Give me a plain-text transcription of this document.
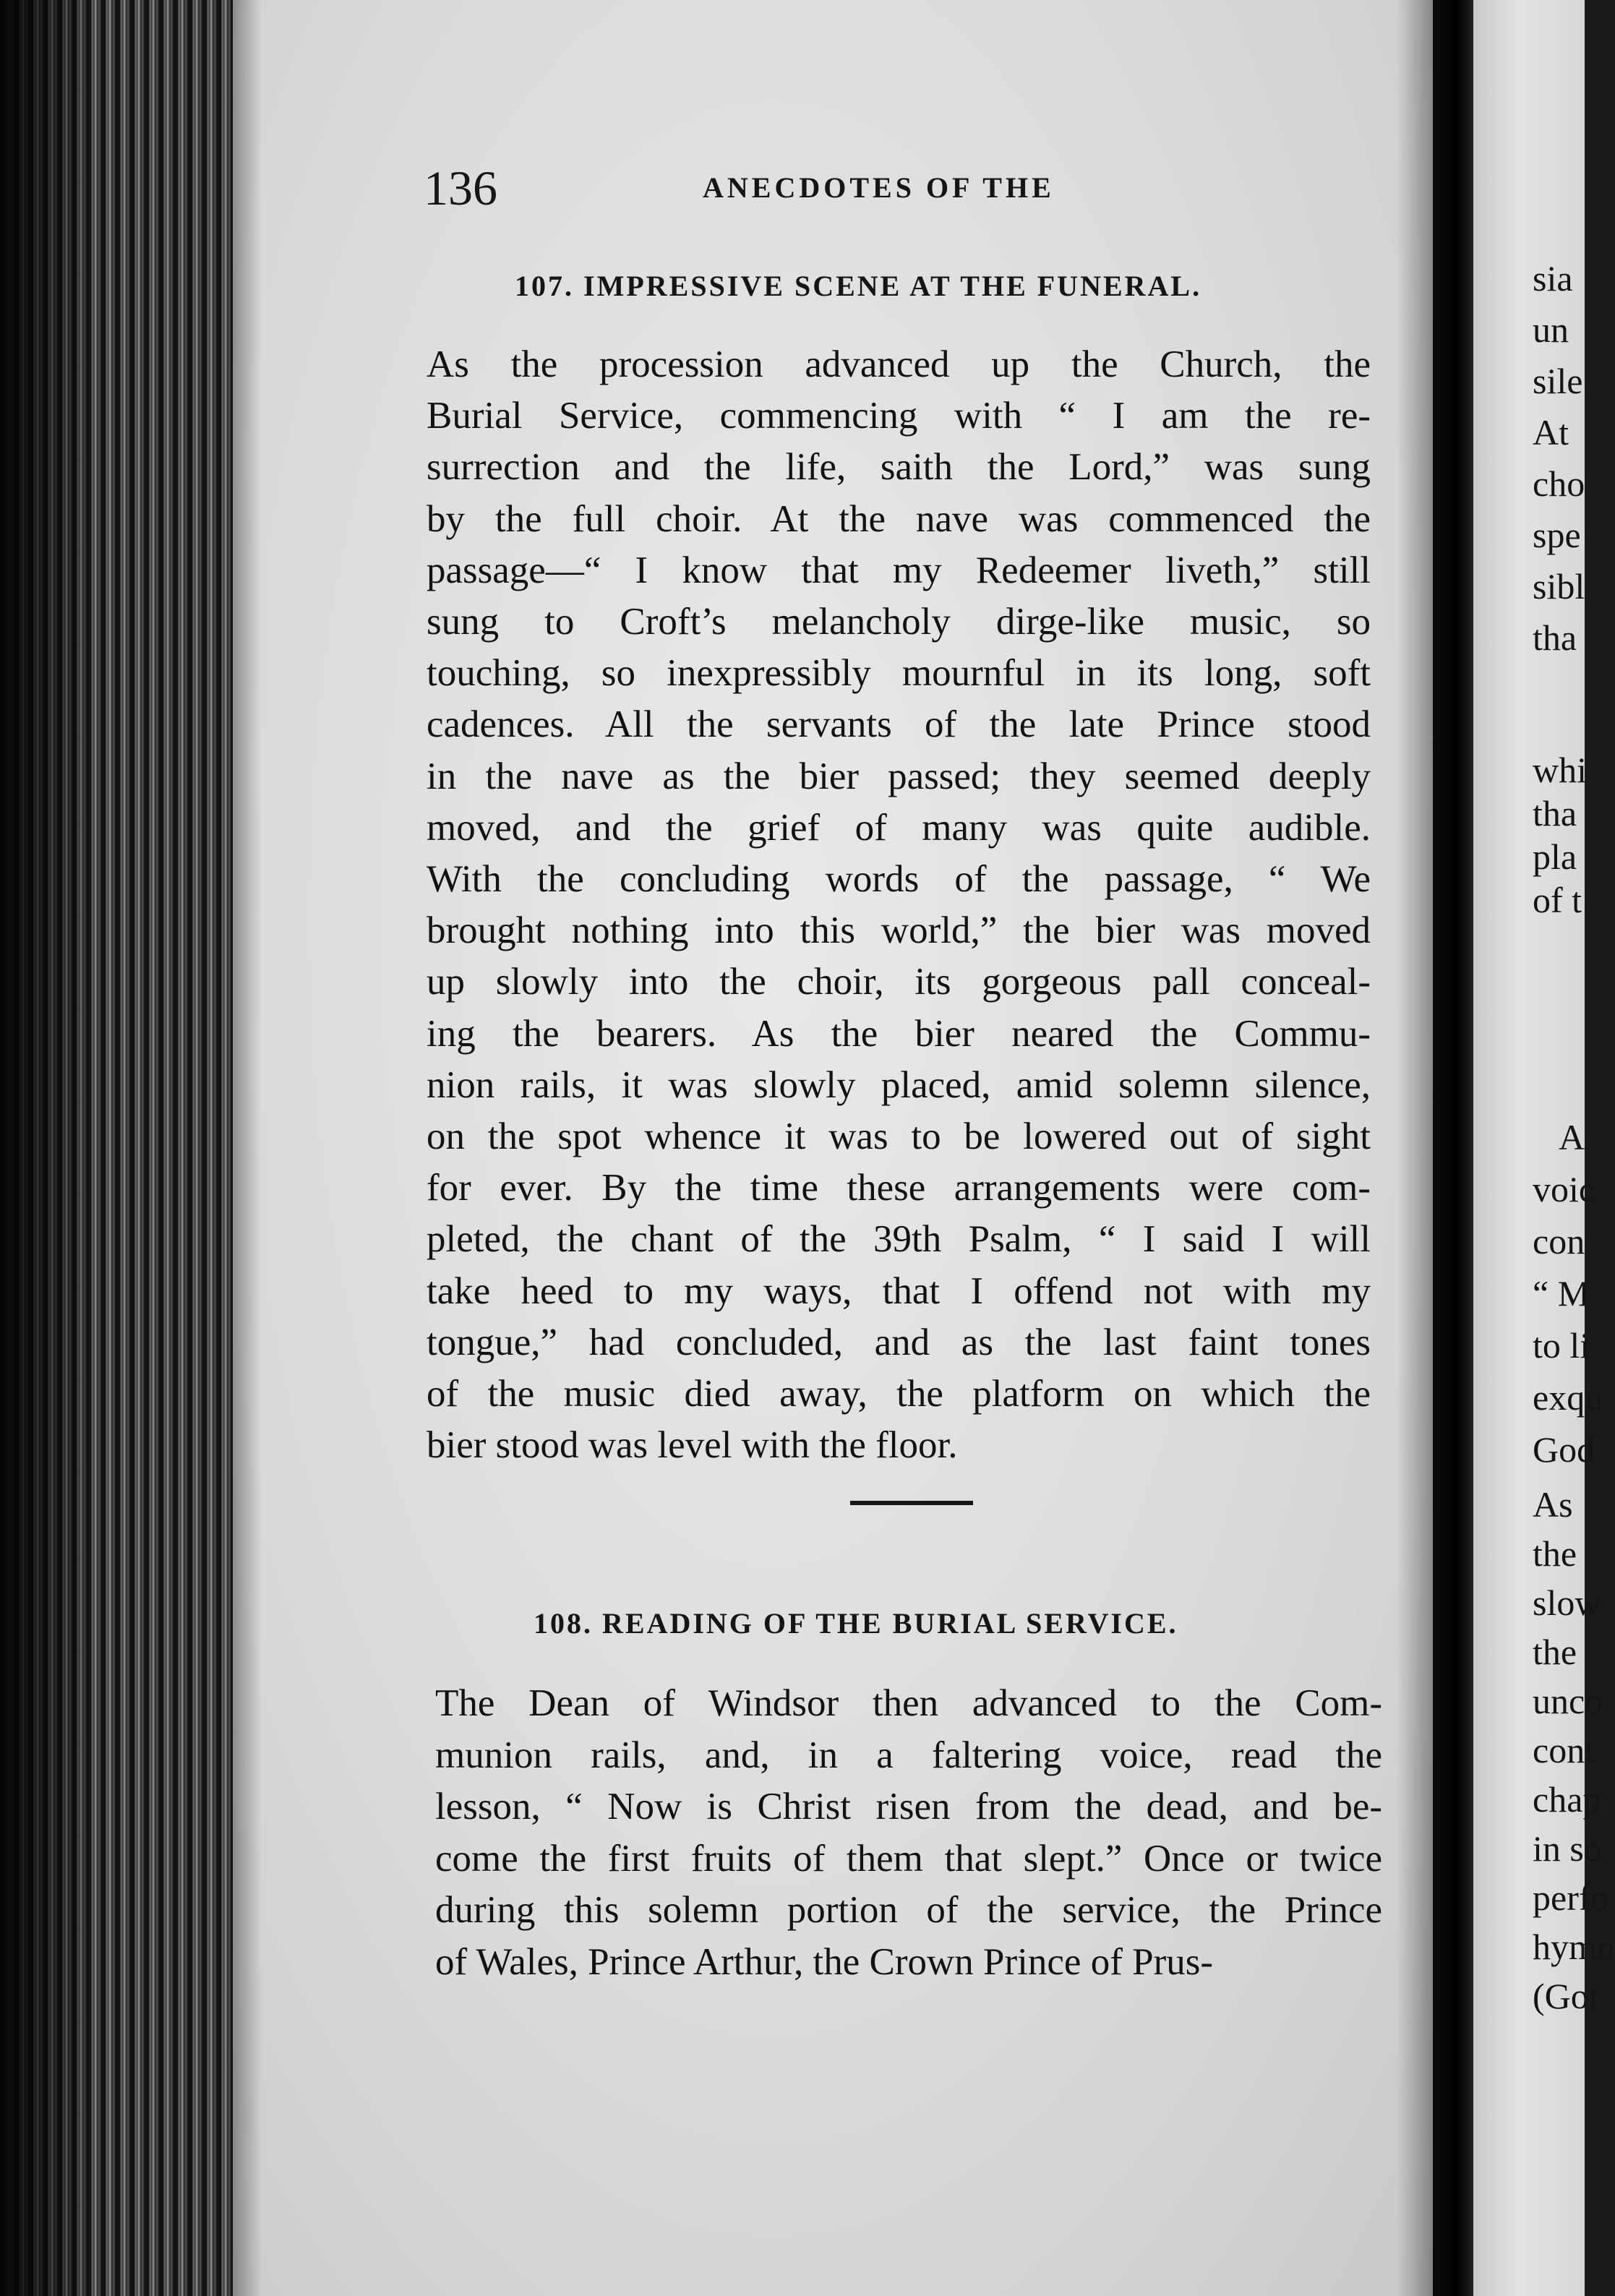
136	ANECDOTES OF THE
107. IMPRESSIVE SCENE AT THE FUNERAL.
As the procession advanced up the Church, the
Burial Service, commencing with “ I am the re-
surrection and the life, saith the Lord,” was sung
by the full choir. At the nave was commenced the
passage—“ I know that my Redeemer liveth,” still
sung to Croft’s melancholy dirge-like music, so
touching, so inexpressibly mournful in its long, soft
cadences. All the servants of the late Prince stood
in the nave as the bier passed; they seemed deeply
moved, and the grief of many was quite audible.
With the concluding words of the passage, “ We
brought nothing into this world,” the bier was moved
up slowly into the choir, its gorgeous pall conceal-
ing the bearers. As the bier neared the Commu-
nion rails, it was slowly placed, amid solemn silence,
on the spot whence it was to be lowered out of sight
for ever. By the time these arrangements were com-
pleted, the chant of the 39th Psalm, “ I said I will
take heed to my ways, that I offend not with my
tongue,” had concluded, and as the last faint tones
of the music died away, the platform on which the
bier stood was level with the floor.
108. READING OF THE BURIAL SERVICE.
The Dean of Windsor then advanced to the Com-
munion rails, and, in a faltering voice, read the
lesson, “ Now is Christ risen from the dead, and be-
come the first fruits of them that slept.” Once or twice
during this solemn portion of the service, the Prince
of Wales, Prince Arthur, the Crown Prince of Prus-
sia
un
sile
At
cho
spe
sibl
tha
whi
tha
pla
of t
A
voic
con
“ M
to li
exqu
God
As
the
slow
the
unco
cont
chap
in so
perfo
hymn
(Got
